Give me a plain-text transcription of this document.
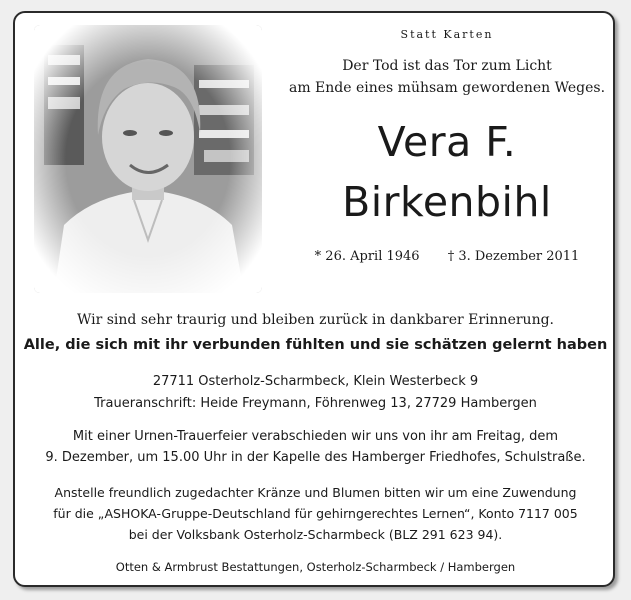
Statt Karten
Der Tod ist das Tor zum Licht
am Ende eines mühsam gewordenen Weges.
Vera F.
Birkenbihl
* 26. April 1946 † 3. Dezember 2011
Wir sind sehr traurig und bleiben zurück in dankbarer Erinnerung.
Alle, die sich mit ihr verbunden fühlten und sie schätzen gelernt haben
27711 Osterholz-Scharmbeck, Klein Westerbeck 9
Traueranschrift: Heide Freymann, Föhrenweg 13, 27729 Hambergen
Mit einer Urnen-Trauerfeier verabschieden wir uns von ihr am Freitag, dem
9. Dezember, um 15.00 Uhr in der Kapelle des Hamberger Friedhofes, Schulstraße.
Anstelle freundlich zugedachter Kränze und Blumen bitten wir um eine Zuwendung
für die „ASHOKA-Gruppe-Deutschland für gehirngerechtes Lernen“, Konto 7117 005
bei der Volksbank Osterholz-Scharmbeck (BLZ 291 623 94).
Otten & Armbrust Bestattungen, Osterholz-Scharmbeck / Hambergen
